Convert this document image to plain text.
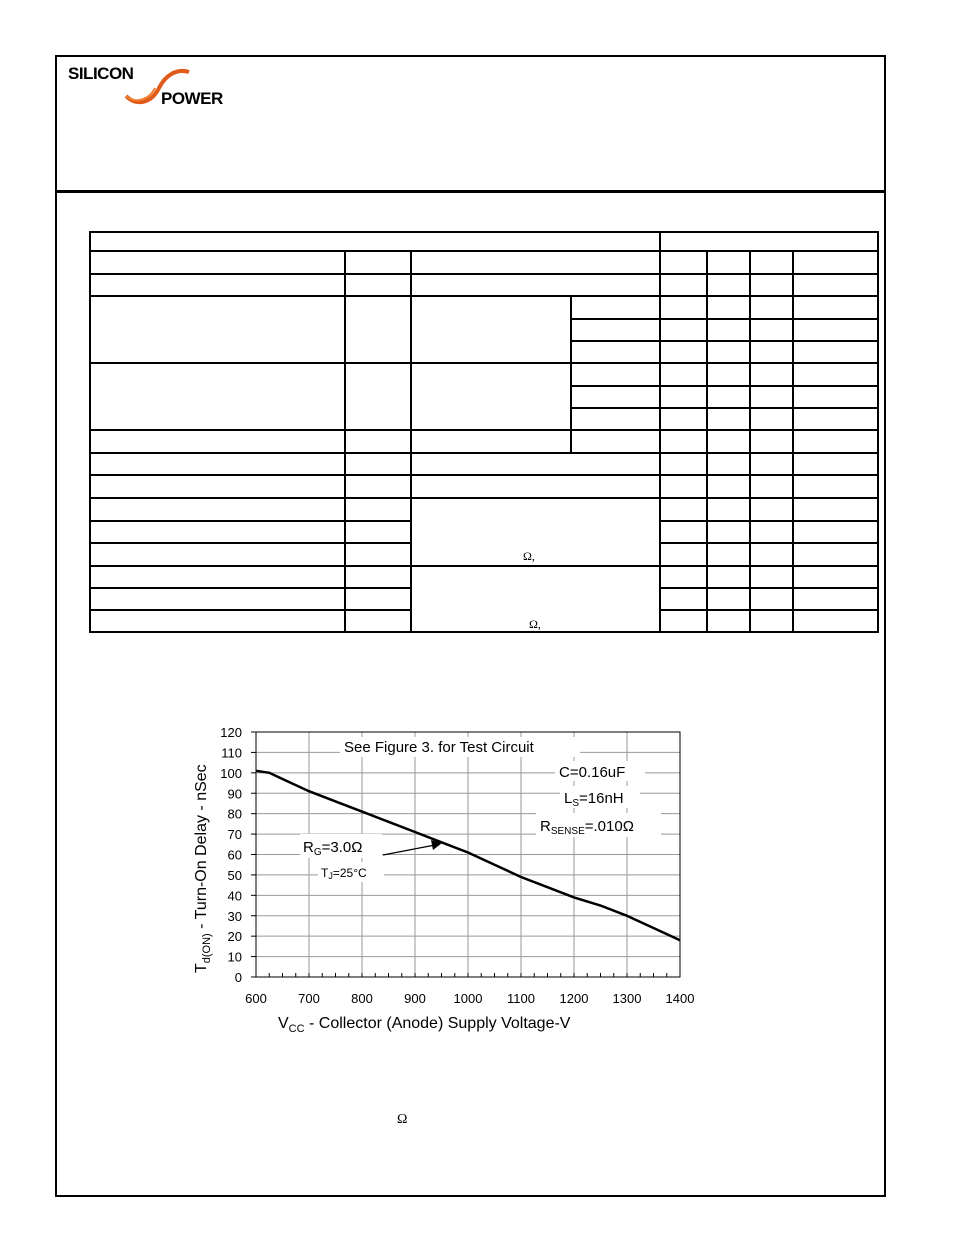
SILICON
POWER

Ω,
Ω,
600 700 800 900 1000 1100 1200 1300 1400
0
10
20
30
40
50
60
70
80
90
100
110
120
See Figure 3. for Test Circuit
C=0.16uF
$L_S=16nH$
$R_{SENSE}=.010\Omega$
$R_G=3.0\Omega$
TJ=25°C
$V_{CC}$ - Collector (Anode) Supply Voltage-V
$T_{d(ON)}$ - Turn-On Delay - nSec
Ω
